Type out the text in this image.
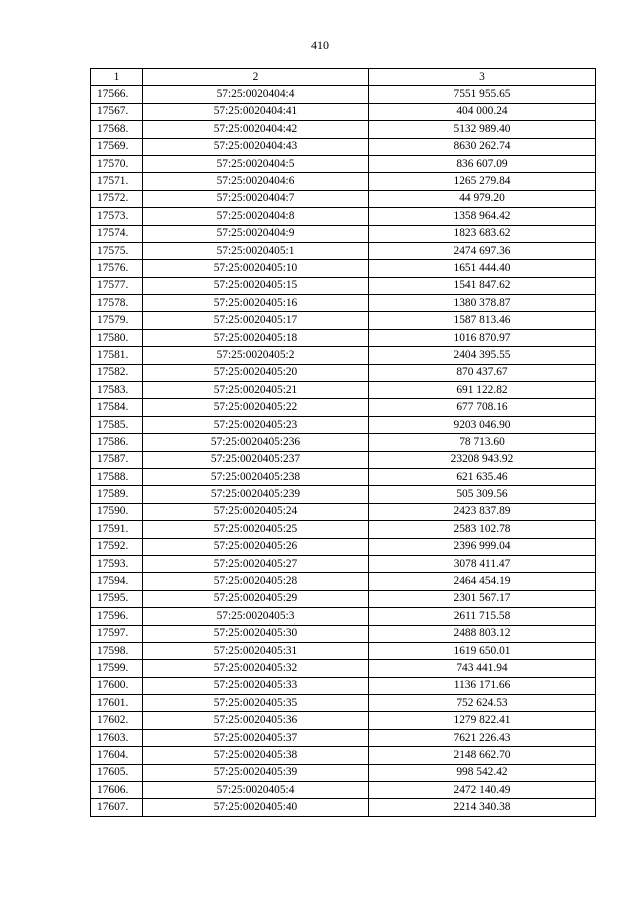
410
1	2	3
17566.	57:25:0020404:4	7551 955.65
17567.	57:25:0020404:41	404 000.24
17568.	57:25:0020404:42	5132 989.40
17569.	57:25:0020404:43	8630 262.74
17570.	57:25:0020404:5	836 607.09
17571.	57:25:0020404:6	1265 279.84
17572.	57:25:0020404:7	44 979.20
17573.	57:25:0020404:8	1358 964.42
17574.	57:25:0020404:9	1823 683.62
17575.	57:25:0020405:1	2474 697.36
17576.	57:25:0020405:10	1651 444.40
17577.	57:25:0020405:15	1541 847.62
17578.	57:25:0020405:16	1380 378.87
17579.	57:25:0020405:17	1587 813.46
17580.	57:25:0020405:18	1016 870.97
17581.	57:25:0020405:2	2404 395.55
17582.	57:25:0020405:20	870 437.67
17583.	57:25:0020405:21	691 122.82
17584.	57:25:0020405:22	677 708.16
17585.	57:25:0020405:23	9203 046.90
17586.	57:25:0020405:236	78 713.60
17587.	57:25:0020405:237	23208 943.92
17588.	57:25:0020405:238	621 635.46
17589.	57:25:0020405:239	505 309.56
17590.	57:25:0020405:24	2423 837.89
17591.	57:25:0020405:25	2583 102.78
17592.	57:25:0020405:26	2396 999.04
17593.	57:25:0020405:27	3078 411.47
17594.	57:25:0020405:28	2464 454.19
17595.	57:25:0020405:29	2301 567.17
17596.	57:25:0020405:3	2611 715.58
17597.	57:25:0020405:30	2488 803.12
17598.	57:25:0020405:31	1619 650.01
17599.	57:25:0020405:32	743 441.94
17600.	57:25:0020405:33	1136 171.66
17601.	57:25:0020405:35	752 624.53
17602.	57:25:0020405:36	1279 822.41
17603.	57:25:0020405:37	7621 226.43
17604.	57:25:0020405:38	2148 662.70
17605.	57:25:0020405:39	998 542.42
17606.	57:25:0020405:4	2472 140.49
17607.	57:25:0020405:40	2214 340.38
